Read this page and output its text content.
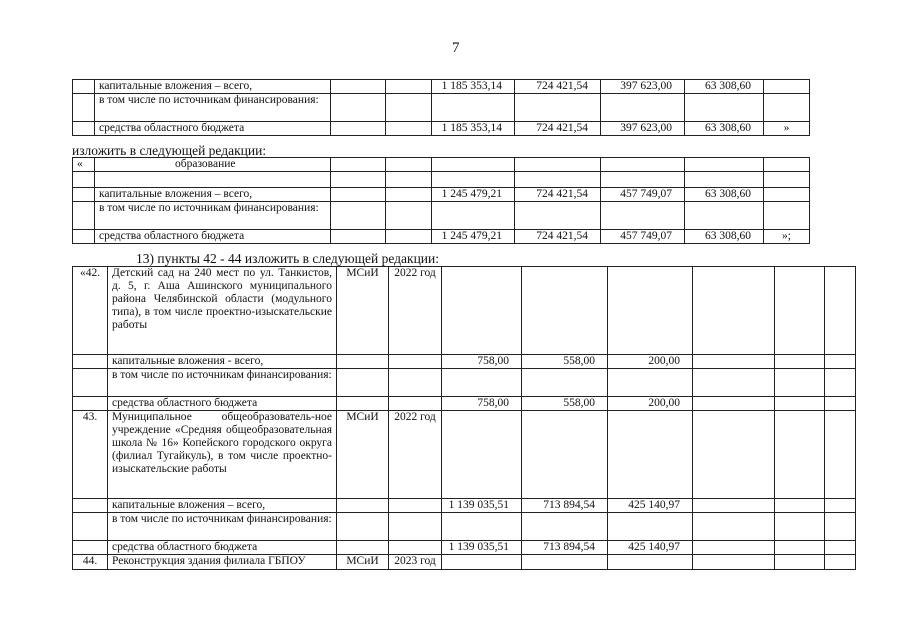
7
	капитальные вложения – всего,			1 185 353,14	724 421,54	397 623,00	63 308,60	
	в том числе по источникам финансирования:							
	средства областного бюджета			1 185 353,14	724 421,54	397 623,00	63 308,60	»
изложить в следующей редакции:
«	образование							

	капитальные вложения – всего,			1 245 479,21	724 421,54	457 749,07	63 308,60	
	в том числе по источникам финансирования:							
	средства областного бюджета			1 245 479,21	724 421,54	457 749,07	63 308,60	»;
13) пункты 42 - 44 изложить в следующей редакции:
«42.	Детский сад на 240 мест по ул. Танкистов, д. 5, г. Аша Ашинского муниципального района Челябинской области (модульного типа), в том числе проектно-изыскательские работы	МСиИ	2022 год						
	капитальные вложения - всего,			758,00	558,00	200,00			
	в том числе по источникам финансирования:								
	средства областного бюджета			758,00	558,00	200,00			
43.	Муниципальное общеобразователь-ное учреждение «Средняя общеобразовательная школа № 16» Копейского городского округа (филиал Тугайкуль), в том числе проектно-изыскательские работы	МСиИ	2022 год						
	капитальные вложения – всего,			1 139 035,51	713 894,54	425 140,97			
	в том числе по источникам финансирования:								
	средства областного бюджета			1 139 035,51	713 894,54	425 140,97			
44.	Реконструкция здания филиала ГБПОУ	МСиИ	2023 год						
